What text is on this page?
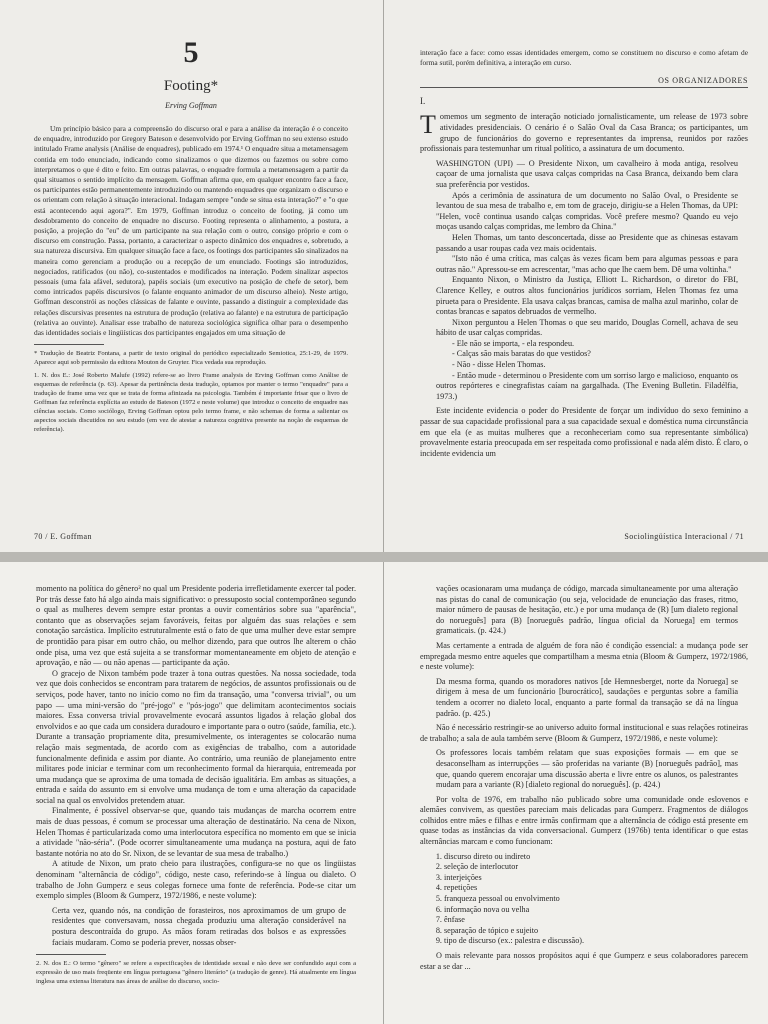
5
Footing*
Erving Goffman

Um princípio básico para a compreensão do discurso oral e para a análise da interação é o conceito de enquadre, introduzido por Gregory Bateson e desenvolvido por Erving Goffman no seu extenso estudo intitulado Frame analysis (Análise de enquadres), publicado em 1974.¹ O enquadre situa a metamensagem contida em todo enunciado, indicando como sinalizamos o que dizemos ou fazemos ou sobre como interpretamos o que é dito e feito. Em outras palavras, o enquadre formula a metamensagem a partir da qual situamos o sentido implícito da mensagem. Goffman afirma que, em qualquer encontro face a face, os participantes estão permanentemente introduzindo ou mantendo enquadres que organizam o discurso e os orientam com relação à situação interacional. Indagam sempre "onde se situa esta interação?" e "o que está acontecendo aqui agora?". Em 1979, Goffman introduz o conceito de footing, já como um desdobramento do conceito de enquadre no discurso. Footing representa o alinhamento, a postura, a posição, a projeção do "eu" de um participante na sua relação com o outro, consigo próprio e com o discurso em construção. Passa, portanto, a caracterizar o aspecto dinâmico dos enquadres e, sobretudo, a sua natureza discursiva. Em qualquer situação face a face, os footings dos participantes são sinalizados na maneira como gerenciam a produção ou a recepção de um enunciado. Footings são introduzidos, negociados, ratificados (ou não), co-sustentados e modificados na interação. Podem sinalizar aspectos pessoais (uma fala afável, sedutora), papéis sociais (um executivo na posição de chefe de setor), bem como intricados papéis discursivos (o falante enquanto animador de um discurso alheio). Neste artigo, Goffman desconstrói as noções clássicas de falante e ouvinte, passando a distinguir a complexidade das relações discursivas presentes na estrutura de produção (relativa ao falante) e na estrutura de participação (relativa ao ouvinte). Analisar esse trabalho de natureza sociológica significa olhar para o desempenho das identidades sociais e lingüísticas dos participantes engajados em uma situação de

* Tradução de Beatriz Fontana, a partir de texto original do periódico especializado Semiotica, 25:1-29, de 1979. Aparece aqui sob permissão da editora Mouton de Gruyter. Fica vedada sua reprodução.

1. N. dos E.: José Roberto Malufe (1992) refere-se ao livro Frame analysis de Erving Goffman como Análise de esquemas de referência (p. 63). Apesar da pertinência desta tradução, optamos por manter o termo "enquadre" para a tradução de frame uma vez que se trata de forma afinizada na psicologia. Também é importante frisar que o livro de Goffman faz referência explícita ao estudo de Bateson (1972 e neste volume) que introduz o conceito de enquadre nas ciências sociais. Como sociólogo, Erving Goffman optou pelo termo frame, e não schemas de forma a salientar os aspectos sociais discutidos no seu estudo (em vez de atestar a natureza cognitiva presente na noção de esquemas de referência).

70 / E. Goffman

interação face a face: como essas identidades emergem, como se constituem no discurso e como afetam de forma sutil, porém definitiva, a interação em curso.

OS ORGANIZADORES
I.

Tomemos um segmento de interação noticiado jornalisticamente, um release de 1973 sobre atividades presidenciais. O cenário é o Salão Oval da Casa Branca; os participantes, um grupo de funcionários do governo e representantes da imprensa, reunidos por razões profissionais para testemunhar um ritual político, a assinatura de um documento.

WASHINGTON (UPI) — O Presidente Nixon, um cavalheiro à moda antiga, resolveu caçoar de uma jornalista que usava calças compridas na Casa Branca, deixando bem clara sua preferência por vestidos.

Após a cerimônia de assinatura de um documento no Salão Oval, o Presidente se levantou de sua mesa de trabalho e, em tom de gracejo, dirigiu-se a Helen Thomas, da UPI: "Helen, você continua usando calças compridas. Você prefere mesmo? Quando eu vejo moças usando calças compridas, me lembro da China."

Helen Thomas, um tanto desconcertada, disse ao Presidente que as chinesas estavam passando a usar roupas cada vez mais ocidentais.

"Isto não é uma crítica, mas calças às vezes ficam bem para algumas pessoas e para outras não." Apressou-se em acrescentar, "mas acho que lhe caem bem. Dê uma voltinha."

Enquanto Nixon, o Ministro da Justiça, Elliott L. Richardson, o diretor do FBI, Clarence Kelley, e outros altos funcionários jurídicos sorriam, Helen Thomas fez uma pirueta para o Presidente. Ela usava calças brancas, camisa de malha azul marinho, colar de contas brancas e sapatos debruados de vermelho.

Nixon perguntou a Helen Thomas o que seu marido, Douglas Cornell, achava de seu hábito de usar calças compridas.

- Ele não se importa, - ela respondeu.

- Calças são mais baratas do que vestidos?

- Não - disse Helen Thomas.

- Então mude - determinou o Presidente com um sorriso largo e malicioso, enquanto os outros repórteres e cinegrafistas caíam na gargalhada. (The Evening Bulletin. Filadélfia, 1973.)

Este incidente evidencia o poder do Presidente de forçar um indivíduo do sexo feminino a passar de sua capacidade profissional para a sua capacidade sexual e doméstica numa circunstância em que ela (e as muitas mulheres que a reconheceriam como sua representante simbólica) provavelmente estaria preocupada em ser respeitada como profissional e nada além disto. É claro, o incidente evidencia um

Sociolingüística Interacional / 71

momento na política do gênero² no qual um Presidente poderia irrefletidamente exercer tal poder. Por trás desse fato há algo ainda mais significativo: o pressuposto social contemporâneo segundo o qual as mulheres devem sempre estar prontas a ouvir comentários sobre sua "aparência", contanto que as observações sejam favoráveis, feitas por alguém das suas relações e sem conotação sarcástica. Implícito estruturalmente está o fato de que uma mulher deve estar sempre de prontidão para pisar em outro chão, ou melhor dizendo, para que outros lhe alterem o chão onde pisa, uma vez que está sujeita a se transformar momentaneamente em objeto de atenção e aprovação, e não — ou não apenas — participante da ação.

O gracejo de Nixon também pode trazer à tona outras questões. Na nossa sociedade, toda vez que dois conhecidos se encontram para tratarem de negócios, de assuntos profissionais ou de serviços, pode haver, tanto no início como no fim da transação, uma "conversa trivial", ou um papo — uma mini-versão do "pré-jogo" e "pós-jogo" que delimitam acontecimentos sociais maiores. Essa conversa trivial provavelmente evocará assuntos ligados à relação global dos envolvidos e ao que cada um considera duradouro e importante para o outro (saúde, família, etc.). Durante a transação propriamente dita, presumivelmente, os interagentes se colocarão numa relação mais segmentada, de acordo com as exigências de trabalho, com a autoridade funcionalmente definida e assim por diante. Ao contrário, uma reunião de planejamento entre militares pode iniciar e terminar com um reconhecimento formal da hierarquia, entremeada por uma mudança que se aproxima de uma tomada de decisão igualitária. Em ambas as situações, a entrada e saída do assunto em si envolve uma mudança de tom e uma alteração da capacidade social na qual os envolvidos pretendem atuar.

Finalmente, é possível observar-se que, quando tais mudanças de marcha ocorrem entre mais de duas pessoas, é comum se processar uma alteração de destinatário. Na cena de Nixon, Helen Thomas é particularizada como uma interlocutora específica no momento em que se inicia a atividade "não-séria". (Pode ocorrer simultaneamente uma mudança na postura, aqui de fato bastante notória no ato do Sr. Nixon, de se levantar de sua mesa de trabalho.)

A atitude de Nixon, um prato cheio para ilustrações, configura-se no que os lingüistas denominam "alternância de código", código, neste caso, referindo-se à língua ou dialeto. O trabalho de John Gumperz e seus colegas fornece uma fonte de referência. Pode-se citar um exemplo simples (Bloom & Gumperz, 1972/1986, e neste volume):

Certa vez, quando nós, na condição de forasteiros, nos aproximamos de um grupo de residentes que conversavam, nossa chegada produziu uma alteração considerável na postura descontraída do grupo. As mãos foram retiradas dos bolsos e as expressões faciais mudaram. Como se poderia prever, nossas obser-

2. N. dos E.: O termo "gênero" se refere a especificações de identidade sexual e não deve ser confundido aqui com a expressão de uso mais freqüente em língua portuguesa "gênero literário" (a tradução de genre). Há atualmente em língua inglesa uma extensa literatura nas áreas de análise do discurso, socio-

vações ocasionaram uma mudança de código, marcada simultaneamente por uma alteração nas pistas do canal de comunicação (ou seja, velocidade de enunciação das frases, ritmo, maior número de pausas de hesitação, etc.) e por uma mudança de (R) [um dialeto regional do norueguês] para (B) [norueguês padrão, língua oficial da Noruega] em termos gramaticais. (p. 424.)

Mas certamente a entrada de alguém de fora não é condição essencial: a mudança pode ser empregada mesmo entre aqueles que compartilham a mesma etnia (Bloom & Gumperz, 1972/1986, e neste volume):

Da mesma forma, quando os moradores nativos [de Hemnesberget, norte da Noruega] se dirigem à mesa de um funcionário [burocrático], saudações e perguntas sobre a família tendem a ocorrer no dialeto local, enquanto a parte formal da transação se dá na língua padrão. (p. 425.)

Não é necessário restringir-se ao universo aduito formal institucional e suas relações rotineiras de trabalho; a sala de aula também serve (Bloom & Gumperz, 1972/1986, e neste volume):

Os professores locais também relatam que suas exposições formais — em que se desaconselham as interrupções — são proferidas na variante (B) [norueguês padrão], mas que, quando querem encorajar uma discussão aberta e livre entre os alunos, os palestrantes mudam para a variante (R) [dialeto regional do norueguês]. (p. 424.)

Por volta de 1976, em trabalho não publicado sobre uma comunidade onde eslovenos e alemães convivem, as questões pareciam mais delicadas para Gumperz. Fragmentos de diálogos colhidos entre mães e filhas e entre irmãs confirmam que a alternância de código está presente em quase todas as instâncias da vida conversacional. Gumperz (1976b) tenta identificar o que estas alternâncias marcam e como funcionam:

1. discurso direto ou indireto
2. seleção de interlocutor
3. interjeições
4. repetições
5. franqueza pessoal ou envolvimento
6. informação nova ou velha
7. ênfase
8. separação de tópico e sujeito
9. tipo de discurso (ex.: palestra e discussão).

O mais relevante para nossos propósitos aqui é que Gumperz e seus colaboradores parecem estar a se dar ...
